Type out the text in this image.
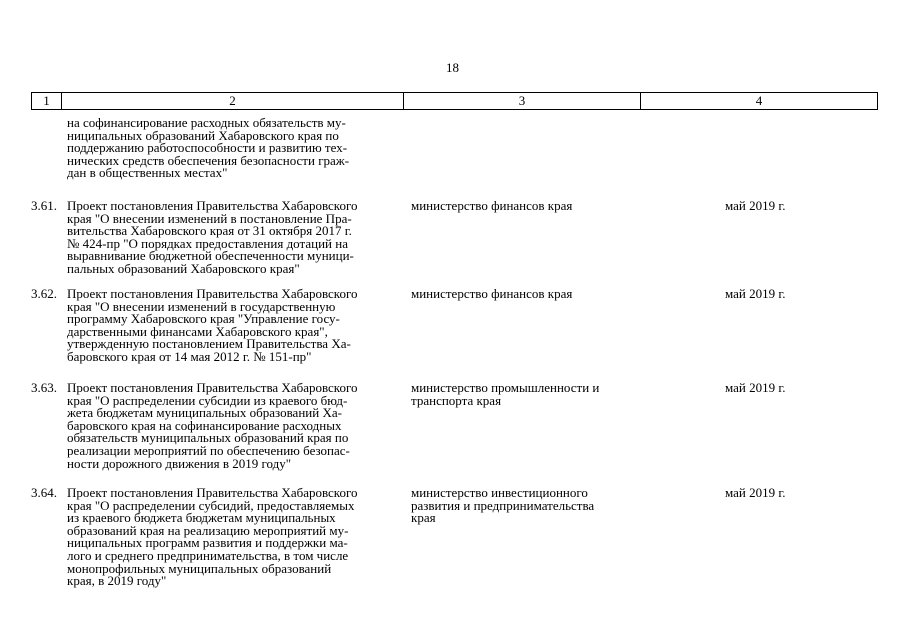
18
1	2	3	4
на софинансирование расходных обязательств му-
ниципальных образований Хабаровского края по
поддержанию работоспособности и развитию тех-
нических средств обеспечения безопасности граж-
дан в общественных местах"
3.61. Проект постановления Правительства Хабаровского
края "О внесении изменений в постановление Пра-
вительства Хабаровского края от 31 октября 2017 г.
№ 424-пр "О порядках предоставления дотаций на
выравнивание бюджетной обеспеченности муници-
пальных образований Хабаровского края"
министерство финансов края	май 2019 г.
3.62. Проект постановления Правительства Хабаровского
края "О внесении изменений в государственную
программу Хабаровского края "Управление госу-
дарственными финансами Хабаровского края",
утвержденную постановлением Правительства Ха-
баровского края от 14 мая 2012 г. № 151-пр"
министерство финансов края	май 2019 г.
3.63. Проект постановления Правительства Хабаровского
края "О распределении субсидии из краевого бюд-
жета бюджетам муниципальных образований Ха-
баровского края на софинансирование расходных
обязательств муниципальных образований края по
реализации мероприятий по обеспечению безопас-
ности дорожного движения в 2019 году"
министерство промышленности и
транспорта края
май 2019 г.
3.64. Проект постановления Правительства Хабаровского
края "О распределении субсидий, предоставляемых
из краевого бюджета бюджетам муниципальных
образований края на реализацию мероприятий му-
ниципальных программ развития и поддержки ма-
лого и среднего предпринимательства, в том числе
монопрофильных муниципальных образований
края, в 2019 году"
министерство инвестиционного
развития и предпринимательства
края
май 2019 г.
